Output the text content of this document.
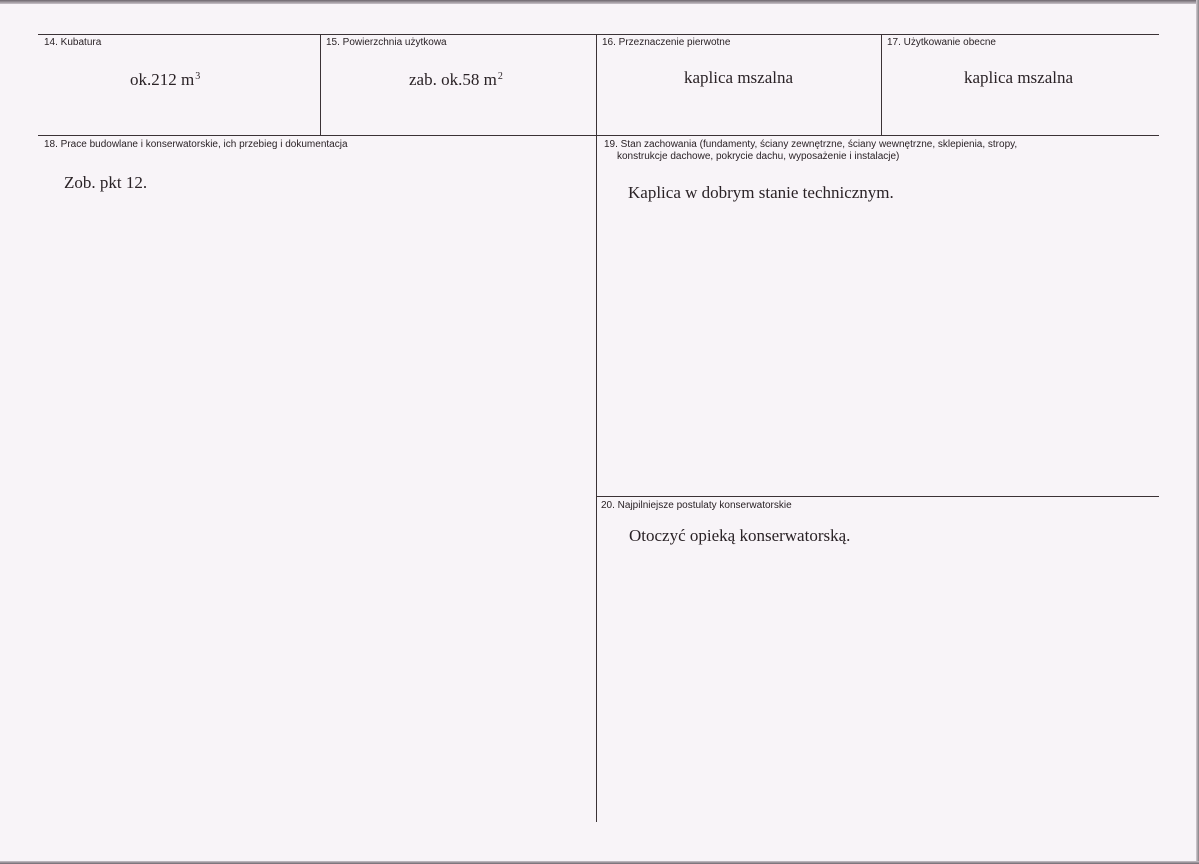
14. Kubatura
ok.212 $m^3$
15. Powierzchnia użytkowa
zab. ok.58 $m^2$
16. Przeznaczenie pierwotne
kaplica mszalna
17. Użytkowanie obecne
kaplica mszalna
18. Prace budowlane i konserwatorskie, ich przebieg i dokumentacja
Zob. pkt 12.
19. Stan zachowania (fundamenty, ściany zewnętrzne, ściany wewnętrzne, sklepienia, stropy,
konstrukcje dachowe, pokrycie dachu, wyposażenie i instalacje)
Kaplica w dobrym stanie technicznym.
20. Najpilniejsze postulaty konserwatorskie
Otoczyć opieką konserwatorską.
